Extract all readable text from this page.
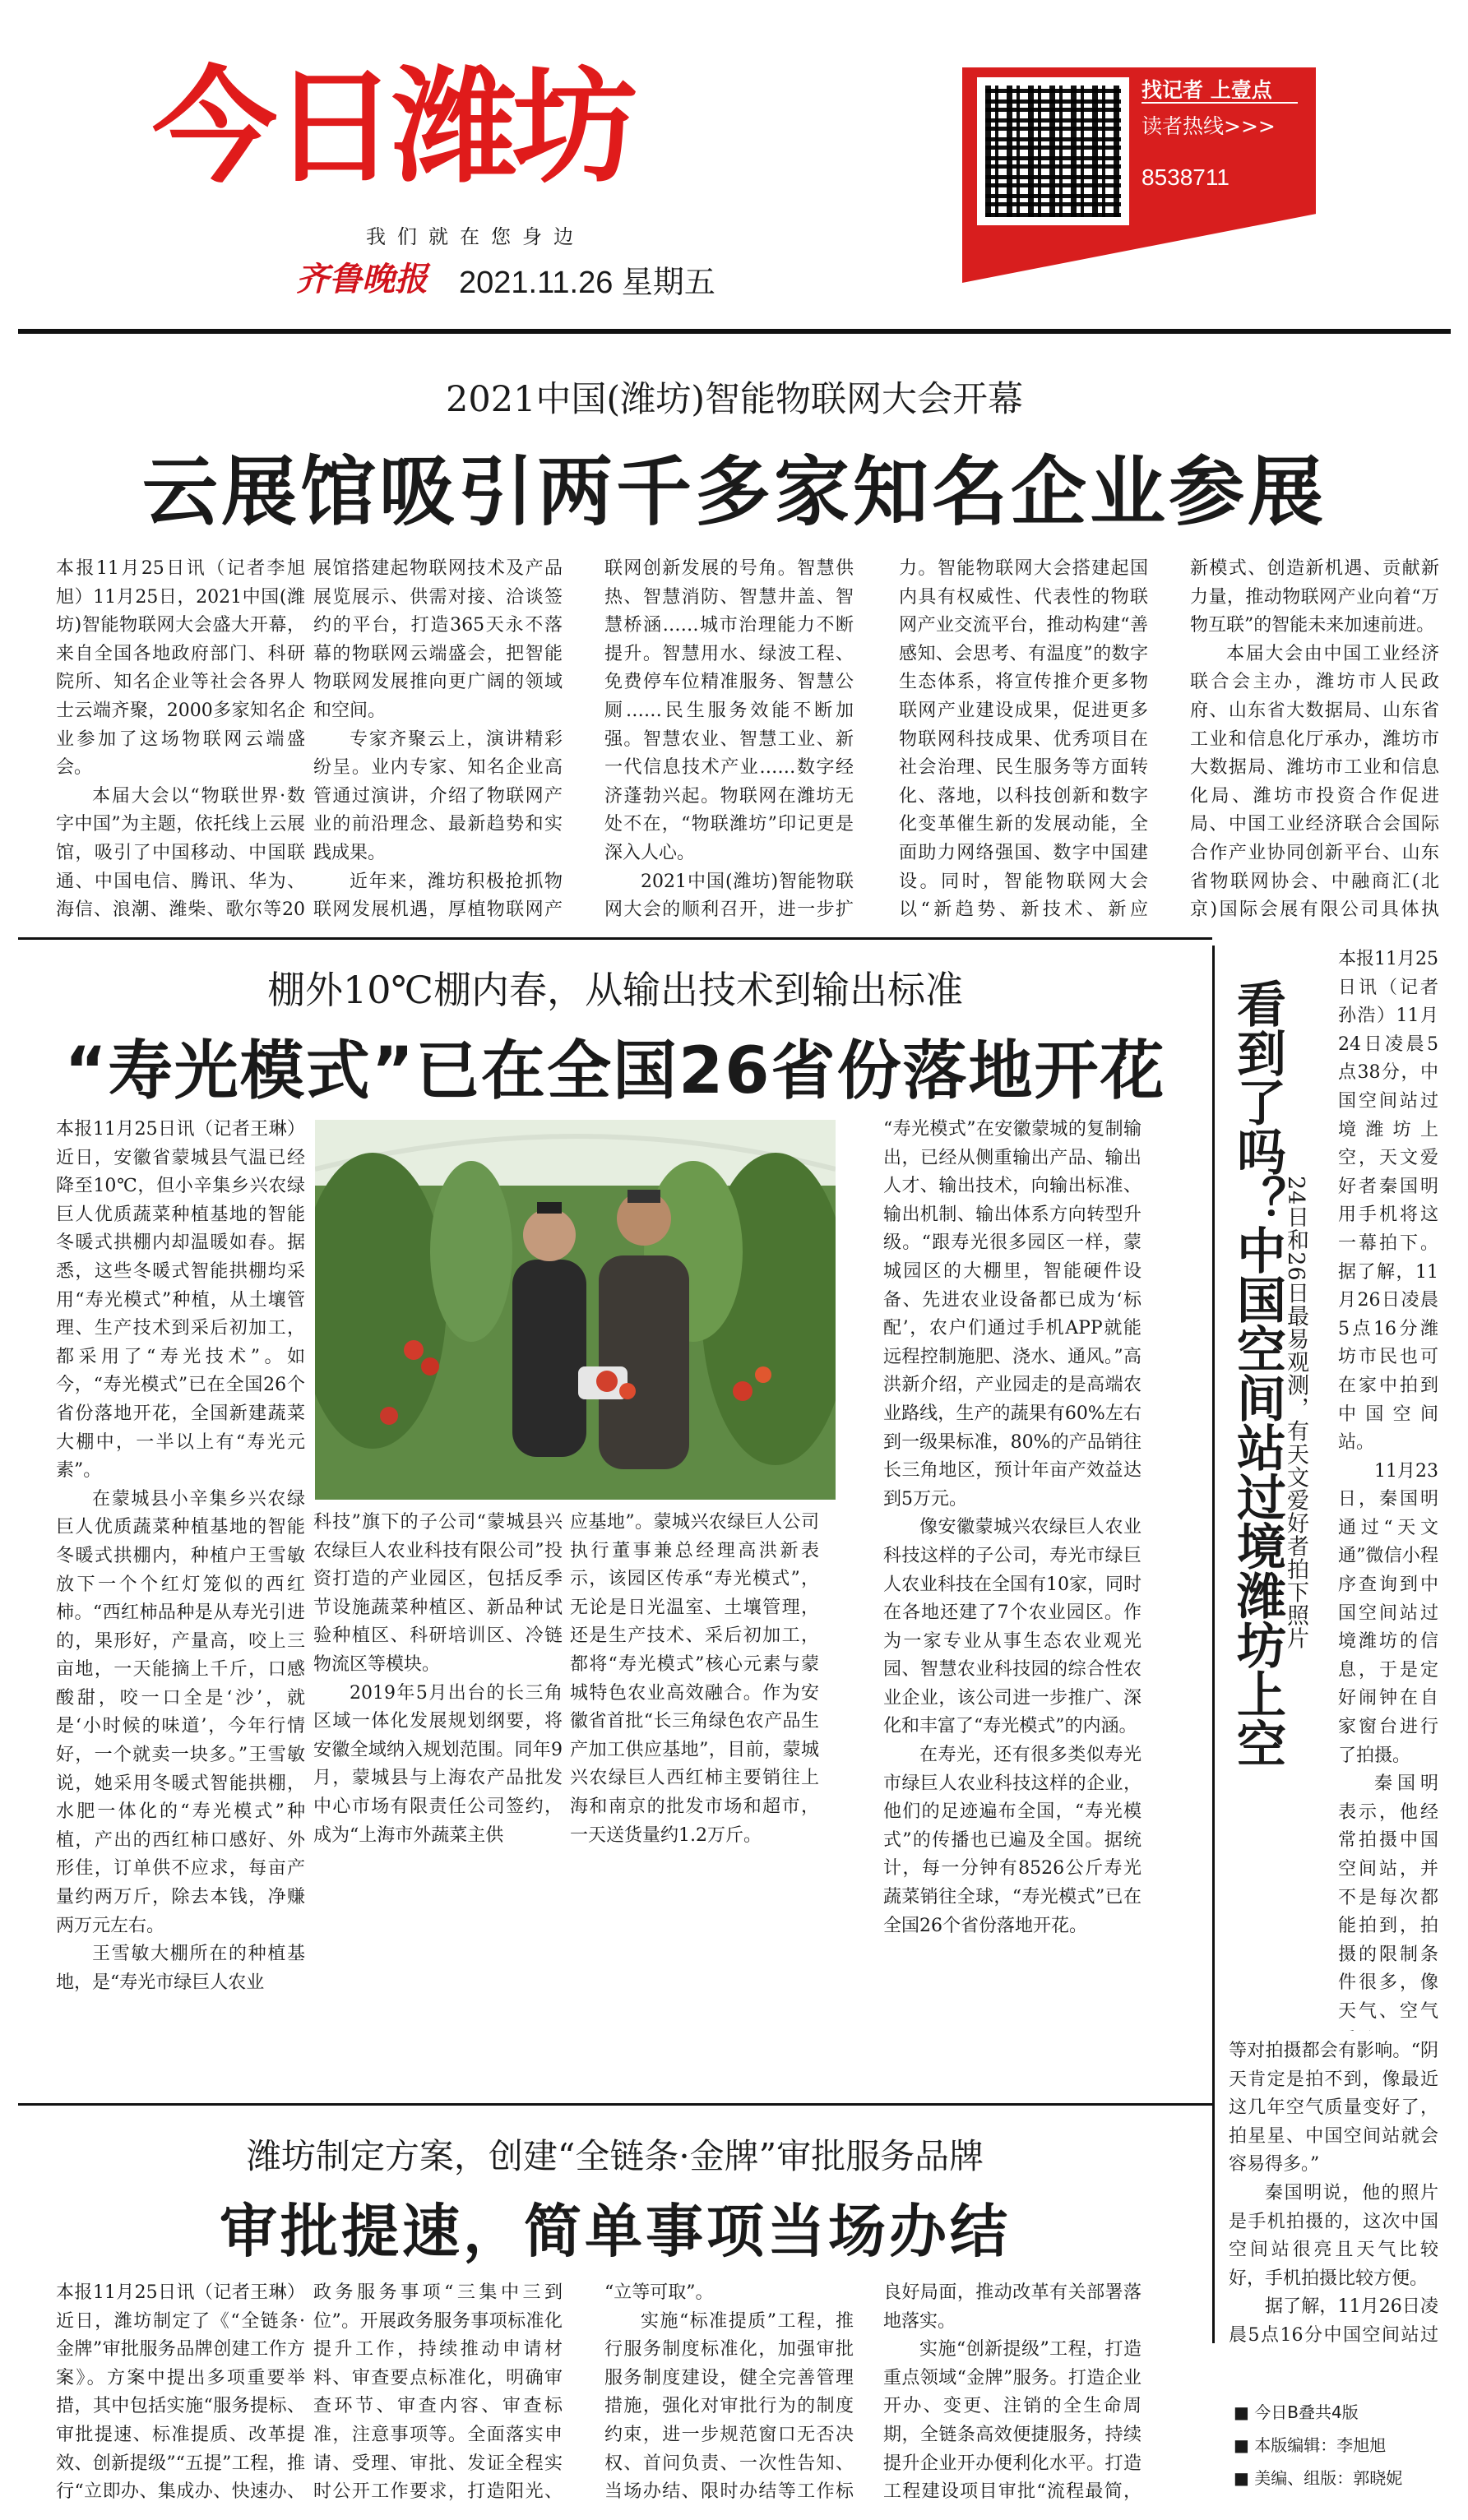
今日潍坊
我们就在您身边
齐鲁晚报 2021.11.26 星期五
找记者 上壹点
读者热线>>>
8538711
2021中国(潍坊)智能物联网大会开幕
云展馆吸引两千多家知名企业参展

本报11月25日讯（记者李旭旭）11月25日，2021中国(潍坊)智能物联网大会盛大开幕，来自全国各地政府部门、科研院所、知名企业等社会各界人士云端齐聚，2000多家知名企业参加了这场物联网云端盛会。

本届大会以“物联世界·数字中国”为主题，依托线上云展馆，吸引了中国移动、中国联通、中国电信、腾讯、华为、海信、浪潮、潍柴、歌尔等20

展馆搭建起物联网技术及产品展览展示、供需对接、洽谈签约的平台，打造365天永不落幕的物联网云端盛会，把智能物联网发展推向更广阔的领域和空间。

专家齐聚云上，演讲精彩纷呈。业内专家、知名企业高管通过演讲，介绍了物联网产业的前沿理念、最新趋势和实践成果。

近年来，潍坊积极抢抓物联网发展机遇，厚植物联网产

联网创新发展的号角。智慧供热、智慧消防、智慧井盖、智慧桥涵……城市治理能力不断提升。智慧用水、绿波工程、免费停车位精准服务、智慧公厕……民生服务效能不断加强。智慧农业、智慧工业、新一代信息技术产业……数字经济蓬勃兴起。物联网在潍坊无处不在，“物联潍坊”印记更是深入人心。

2021中国(潍坊)智能物联网大会的顺利召开，进一步扩

力。智能物联网大会搭建起国内具有权威性、代表性的物联网产业交流平台，推动构建“善感知、会思考、有温度”的数字生态体系，将宣传推介更多物联网产业建设成果，促进更多物联网科技成果、优秀项目在社会治理、民生服务等方面转化、落地，以科技创新和数字化变革催生新的发展动能，全面助力网络强国、数字中国建设。同时，智能物联网大会以“新趋势、新技术、新应

新模式、创造新机遇、贡献新力量，推动物联网产业向着“万物互联”的智能未来加速前进。

本届大会由中国工业经济联合会主办，潍坊市人民政府、山东省大数据局、山东省工业和信息化厅承办，潍坊市大数据局、潍坊市工业和信息化局、潍坊市投资合作促进局、中国工业经济联合会国际合作产业协同创新平台、山东省物联网协会、中融商汇(北京)国际会展有限公司具体执

棚外10℃棚内春，从输出技术到输出标准
“寿光模式”已在全国26省份落地开花

本报11月25日讯（记者王琳）近日，安徽省蒙城县气温已经降至10℃，但小辛集乡兴农绿巨人优质蔬菜种植基地的智能冬暖式拱棚内却温暖如春。据悉，这些冬暖式智能拱棚均采用“寿光模式”种植，从土壤管理、生产技术到采后初加工，都采用了“寿光技术”。如今，“寿光模式”已在全国26个省份落地开花，全国新建蔬菜大棚中，一半以上有“寿光元素”。

在蒙城县小辛集乡兴农绿巨人优质蔬菜种植基地的智能冬暖式拱棚内，种植户王雪敏放下一个个红灯笼似的西红柿。“西红柿品种是从寿光引进的，果形好，产量高，咬上三亩地，一天能摘上千斤，口感酸甜，咬一口全是‘沙’，就是‘小时候的味道’，今年行情好，一个就卖一块多。”王雪敏说，她采用冬暖式智能拱棚，水肥一体化的“寿光模式”种植，产出的西红柿口感好、外形佳，订单供不应求，每亩产量约两万斤，除去本钱，净赚两万元左右。

王雪敏大棚所在的种植基地，是“寿光市绿巨人农业

科技”旗下的子公司“蒙城县兴农绿巨人农业科技有限公司”投资打造的产业园区，包括反季节设施蔬菜种植区、新品种试验种植区、科研培训区、冷链物流区等模块。

2019年5月出台的长三角区域一体化发展规划纲要，将安徽全域纳入规划范围。同年9月，蒙城县与上海农产品批发中心市场有限责任公司签约，成为“上海市外蔬菜主供

应基地”。蒙城兴农绿巨人公司执行董事兼总经理高洪新表示，该园区传承“寿光模式”，无论是日光温室、土壤管理，还是生产技术、采后初加工，都将“寿光模式”核心元素与蒙城特色农业高效融合。作为安徽省首批“长三角绿色农产品生产加工供应基地”，目前，蒙城兴农绿巨人西红柿主要销往上海和南京的批发市场和超市，一天送货量约1.2万斤。

“寿光模式”在安徽蒙城的复制输出，已经从侧重输出产品、输出人才、输出技术，向输出标准、输出机制、输出体系方向转型升级。“跟寿光很多园区一样，蒙城园区的大棚里，智能硬件设备、先进农业设备都已成为‘标配’，农户们通过手机APP就能远程控制施肥、浇水、通风。”高洪新介绍，产业园走的是高端农业路线，生产的蔬果有60%左右到一级果标准，80%的产品销往长三角地区，预计年亩产效益达到5万元。

像安徽蒙城兴农绿巨人农业科技这样的子公司，寿光市绿巨人农业科技在全国有10家，同时在各地还建了7个农业园区。作为一家专业从事生态农业观光园、智慧农业科技园的综合性农业企业，该公司进一步推广、深化和丰富了“寿光模式”的内涵。

在寿光，还有很多类似寿光市绿巨人农业科技这样的企业，他们的足迹遍布全国，“寿光模式”的传播也已遍及全国。据统计，每一分钟有8526公斤寿光蔬菜销往全球，“寿光模式”已在全国26个省份落地开花。

潍坊制定方案，创建“全链条·金牌”审批服务品牌
审批提速，简单事项当场办结

本报11月25日讯（记者王琳）近日，潍坊制定了《“全链条·金牌”审批服务品牌创建工作方案》。方案中提出多项重要举措，其中包括实施“服务提标、审批提速、标准提质、改革提效、创新提级”“五提”工程，推行“立即办、集成办、快速办、

政务服务事项“三集中三到位”。开展政务服务事项标准化提升工作，持续推动申请材料、审查要点标准化，明确审查环节、审查内容、审查标准，注意事项等。全面落实申请、受理、审批、发证全程实时公开工作要求，打造阳光、

“立等可取”。

实施“标准提质”工程，推行服务制度标准化，加强审批服务制度建设，健全完善管理措施，强化对审批行为的制度约束，进一步规范窗口无否决权、首问负责、一次性告知、当场办结、限时办结等工作标

良好局面，推动改革有关部署落地落实。

实施“创新提级”工程，打造重点领域“金牌”服务。打造企业开办、变更、注销的全生命周期，全链条高效便捷服务，持续提升企业开办便利化水平。打造工程建设项目审批“流程最简，

看到了吗？中国空间站过境潍坊上空
24日和26日最易观测，有天文爱好者拍下照片

本报11月25日讯（记者孙浩）11月24日凌晨5点38分，中国空间站过境潍坊上空，天文爱好者秦国明用手机将这一幕拍下。据了解，11月26日凌晨5点16分潍坊市民也可在家中拍到中国空间站。

11月23日，秦国明通过“天文通”微信小程序查询到中国空间站过境潍坊的信息，于是定好闹钟在自家窗台进行了拍摄。

秦国明表示，他经常拍摄中国空间站，并不是每次都能拍到，拍摄的限制条件很多，像天气、空气

等对拍摄都会有影响。“阴天肯定是拍不到，像最近这几年空气质量变好了，拍星星、中国空间站就会容易得多。”

秦国明说，他的照片是手机拍摄的，这次中国空间站很亮且天气比较好，手机拍摄比较方便。

据了解，11月26日凌晨5点16分中国空间站过

■ 今日B叠共4版
■ 本版编辑：李旭旭
■ 美编、组版：郭晓妮
